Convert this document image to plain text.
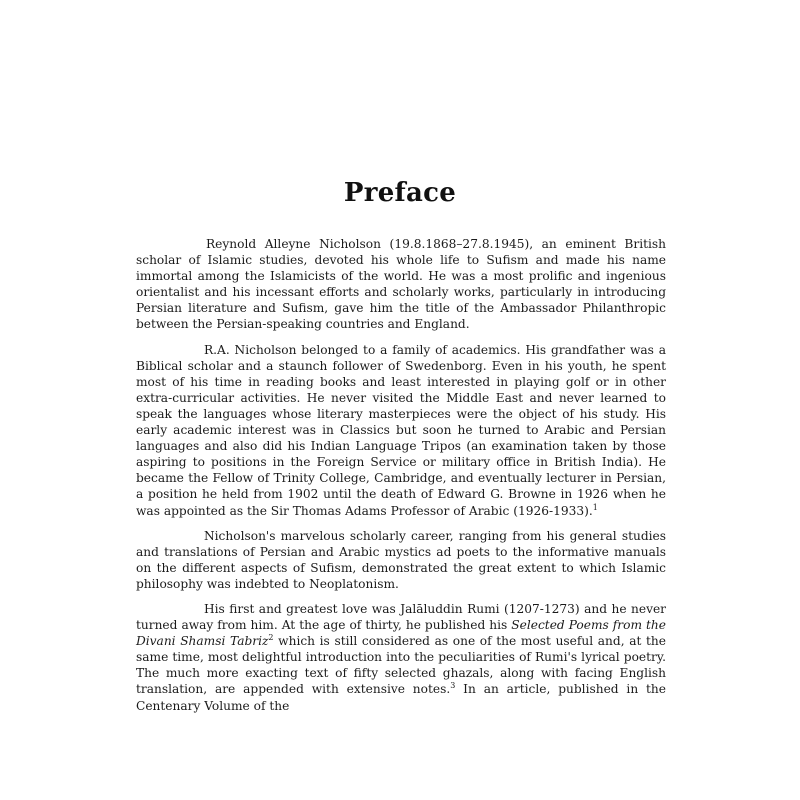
Preface

Reynold Alleyne Nicholson (19.8.1868–27.8.1945), an eminent British scholar of Islamic studies, devoted his whole life to Sufism and made his name immortal among the Islamicists of the world. He was a most prolific and ingenious orientalist and his incessant efforts and scholarly works, particularly in introducing Persian literature and Sufism, gave him the title of the Ambassador Philanthropic between the Persian-speaking countries and England.

R.A. Nicholson belonged to a family of academics. His grandfather was a Biblical scholar and a staunch follower of Swedenborg. Even in his youth, he spent most of his time in reading books and least interested in playing golf or in other extra-curricular activities. He never visited the Middle East and never learned to speak the languages whose literary masterpieces were the object of his study. His early academic interest was in Classics but soon he turned to Arabic and Persian languages and also did his Indian Language Tripos (an examination taken by those aspiring to positions in the Foreign Service or military office in British India). He became the Fellow of Trinity College, Cambridge, and eventually lecturer in Persian, a position he held from 1902 until the death of Edward G. Browne in 1926 when he was appointed as the Sir Thomas Adams Professor of Arabic (1926-1933).$^1$

Nicholson's marvelous scholarly career, ranging from his general studies and translations of Persian and Arabic mystics ad poets to the informative manuals on the different aspects of Sufism, demonstrated the great extent to which Islamic philosophy was indebted to Neoplatonism.

His first and greatest love was Jalāluddin Rumi (1207-1273) and he never turned away from him. At the age of thirty, he published his Selected Poems from the Divani Shamsi Tabriz$^2$ which is still considered as one of the most useful and, at the same time, most delightful introduction into the peculiarities of Rumi's lyrical poetry. The much more exacting text of fifty selected ghazals, along with facing English translation, are appended with extensive notes.$^3$ In an article, published in the Centenary Volume of the
